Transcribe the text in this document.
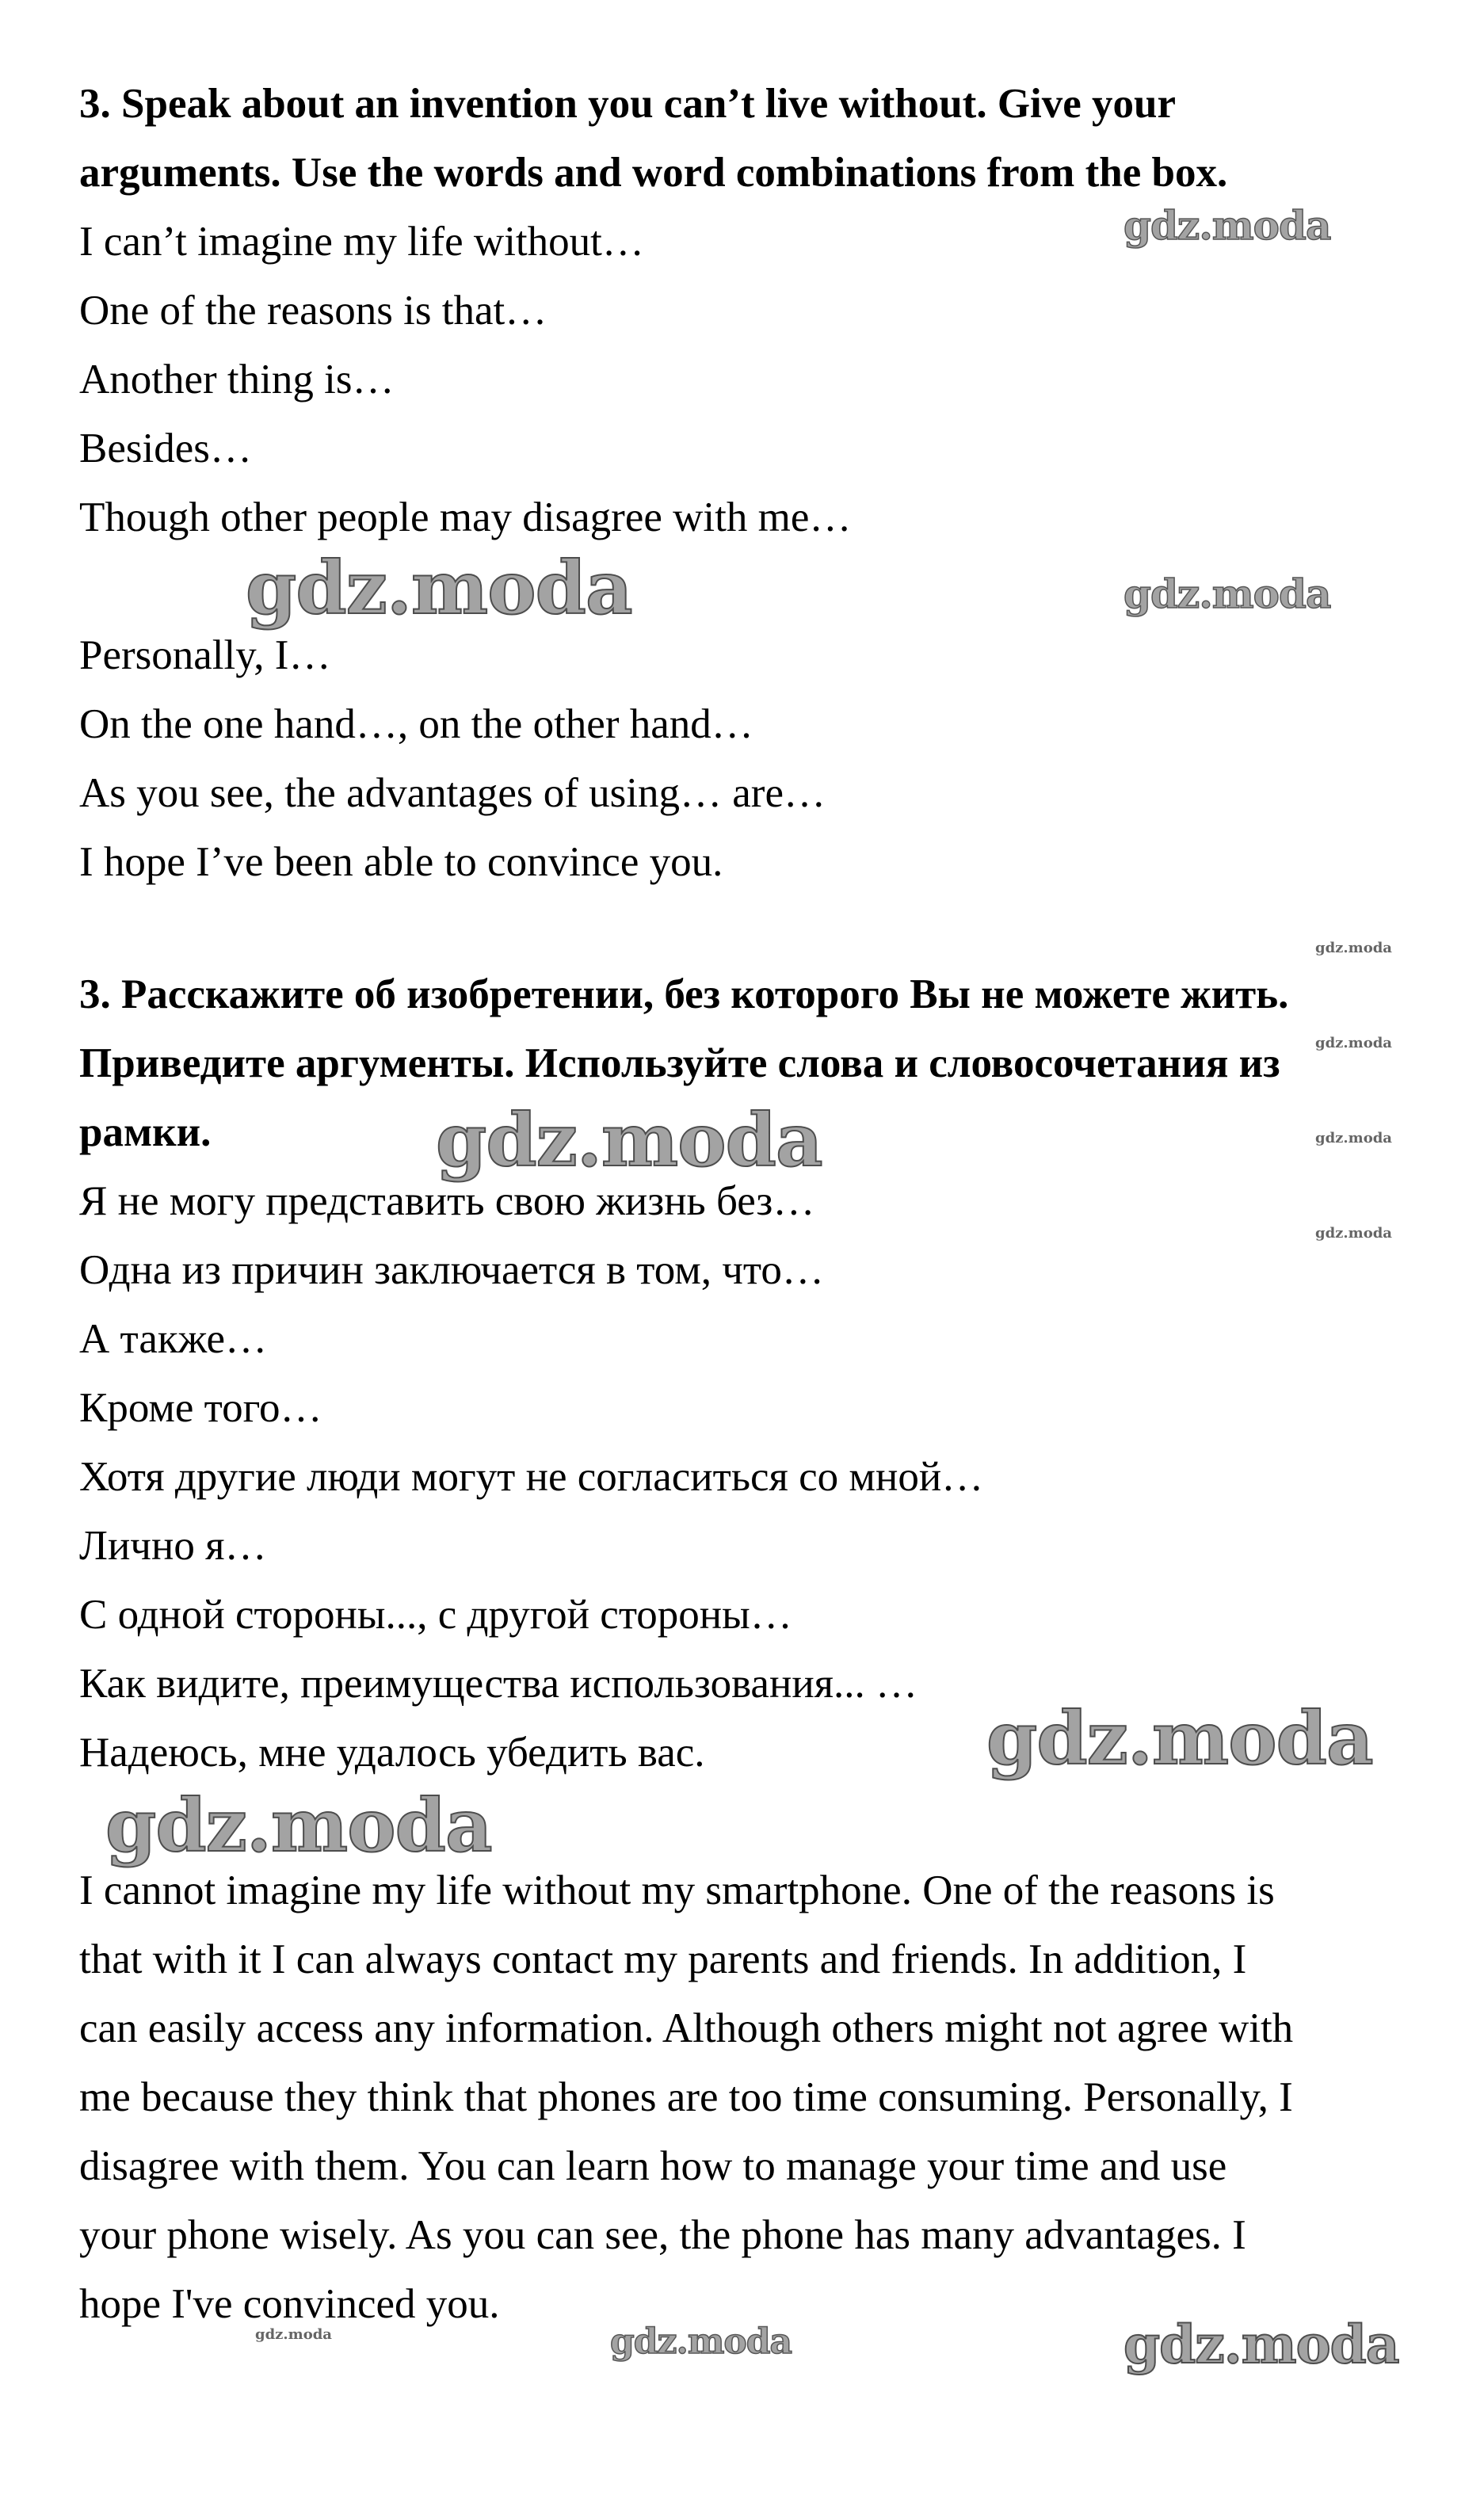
3. Speak about an invention you can’t live without. Give your

arguments. Use the words and word combinations from the box.

I can’t imagine my life without…

One of the reasons is that…

Another thing is…

Besides…

Though other people may disagree with me…

Personally, I…

On the one hand…, on the other hand…

As you see, the advantages of using… are…

I hope I’ve been able to convince you.

3. Расскажите об изобретении, без которого Вы не можете жить.

Приведите аргументы. Используйте слова и словосочетания из

рамки.

Я не могу представить свою жизнь без…

Одна из причин заключается в том, что…

А также…

Кроме того…

Хотя другие люди могут не согласиться со мной…

Лично я…

С одной стороны..., с другой стороны…

Как видите, преимущества использования... …

Надеюсь, мне удалось убедить вас.

I cannot imagine my life without my smartphone. One of the reasons is

that with it I can always contact my parents and friends. In addition, I

can easily access any information. Although others might not agree with

me because they think that phones are too time consuming. Personally, I

disagree with them. You can learn how to manage your time and use

your phone wisely. As you can see, the phone has many advantages. I

hope I've convinced you.

gdz.moda
gdz.moda	gdz.moda
gdz.moda
gdz.moda
gdz.moda	gdz.moda
gdz.moda
gdz.moda
gdz.moda
gdz.moda	gdz.moda	gdz.moda
